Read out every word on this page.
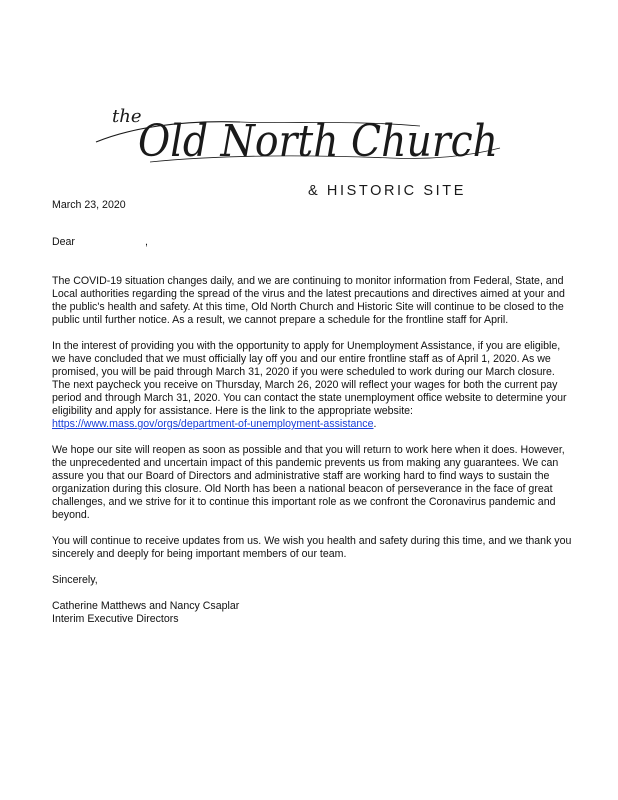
the
Old North Church
& HISTORIC SITE

March 23, 2020

Dear	,

The COVID-19 situation changes daily, and we are continuing to monitor information from Federal, State, and Local authorities regarding the spread of the virus and the latest precautions and directives aimed at your and the public's health and safety. At this time, Old North Church and Historic Site will continue to be closed to the public until further notice. As a result, we cannot prepare a schedule for the frontline staff for April.

In the interest of providing you with the opportunity to apply for Unemployment Assistance, if you are eligible, we have concluded that we must officially lay off you and our entire frontline staff as of April 1, 2020. As we promised, you will be paid through March 31, 2020 if you were scheduled to work during our March closure. The next paycheck you receive on Thursday, March 26, 2020 will reflect your wages for both the current pay period and through March 31, 2020. You can contact the state unemployment office website to determine your eligibility and apply for assistance. Here is the link to the appropriate website: https://www.mass.gov/orgs/department-of-unemployment-assistance.

We hope our site will reopen as soon as possible and that you will return to work here when it does. However, the unprecedented and uncertain impact of this pandemic prevents us from making any guarantees. We can assure you that our Board of Directors and administrative staff are working hard to find ways to sustain the organization during this closure. Old North has been a national beacon of perseverance in the face of great challenges, and we strive for it to continue this important role as we confront the Coronavirus pandemic and beyond.

You will continue to receive updates from us. We wish you health and safety during this time, and we thank you sincerely and deeply for being important members of our team.

Sincerely,

Catherine Matthews and Nancy Csaplar

Interim Executive Directors
